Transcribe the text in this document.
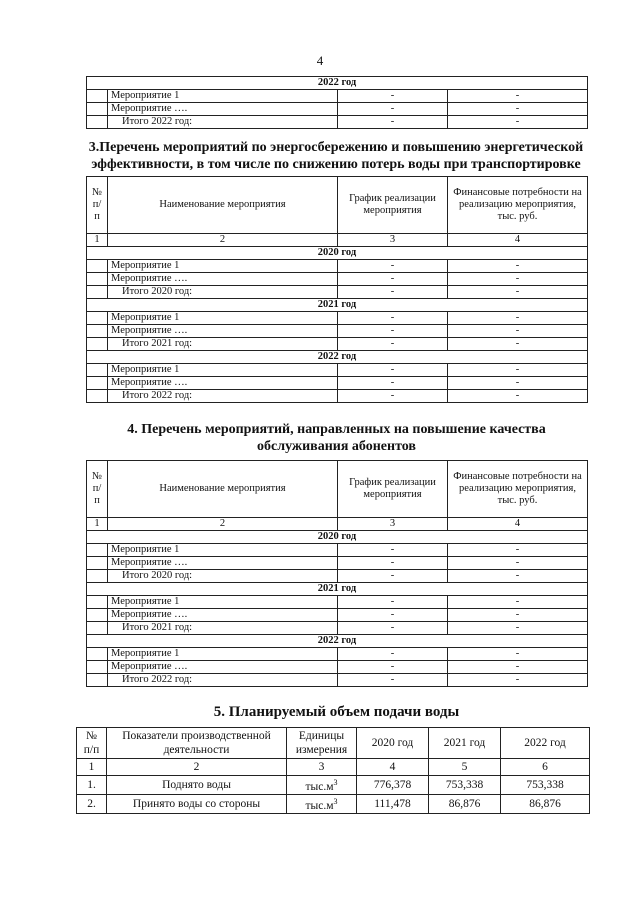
4
2022 год			
	Мероприятие 1	-	-
	Мероприятие ….	-	-
	Итого 2022 год:	-	-
3.Перечень мероприятий по энергосбережению и повышению энергетической
эффективности, в том числе по снижению потерь воды при транспортировке
№ п/п	Наименование мероприятия	График реализации мероприятия	Финансовые потребности на реализацию мероприятия, тыс. руб.
1	2	3	4
2020 год			
	Мероприятие 1	-	-
	Мероприятие ….	-	-
	Итого 2020 год:	-	-
2021 год			
	Мероприятие 1	-	-
	Мероприятие ….	-	-
	Итого 2021 год:	-	-
2022 год			
	Мероприятие 1	-	-
	Мероприятие ….	-	-
	Итого 2022 год:	-	-
4. Перечень мероприятий, направленных на повышение качества
обслуживания абонентов
№ п/п	Наименование мероприятия	График реализации мероприятия	Финансовые потребности на реализацию мероприятия, тыс. руб.
1	2	3	4
2020 год			
	Мероприятие 1	-	-
	Мероприятие ….	-	-
	Итого 2020 год:	-	-
2021 год			
	Мероприятие 1	-	-
	Мероприятие ….	-	-
	Итого 2021 год:	-	-
2022 год			
	Мероприятие 1	-	-
	Мероприятие ….	-	-
	Итого 2022 год:	-	-
5. Планируемый объем подачи воды
№ п/п	Показатели производственной деятельности	Единицы измерения	2020 год	2021 год	2022 год
1	2	3	4	5	6
1.	Поднято воды	$тыс.м^3$	776,378	753,338	753,338
2.	Принято воды со стороны	$тыс.м^3$	111,478	86,876	86,876
